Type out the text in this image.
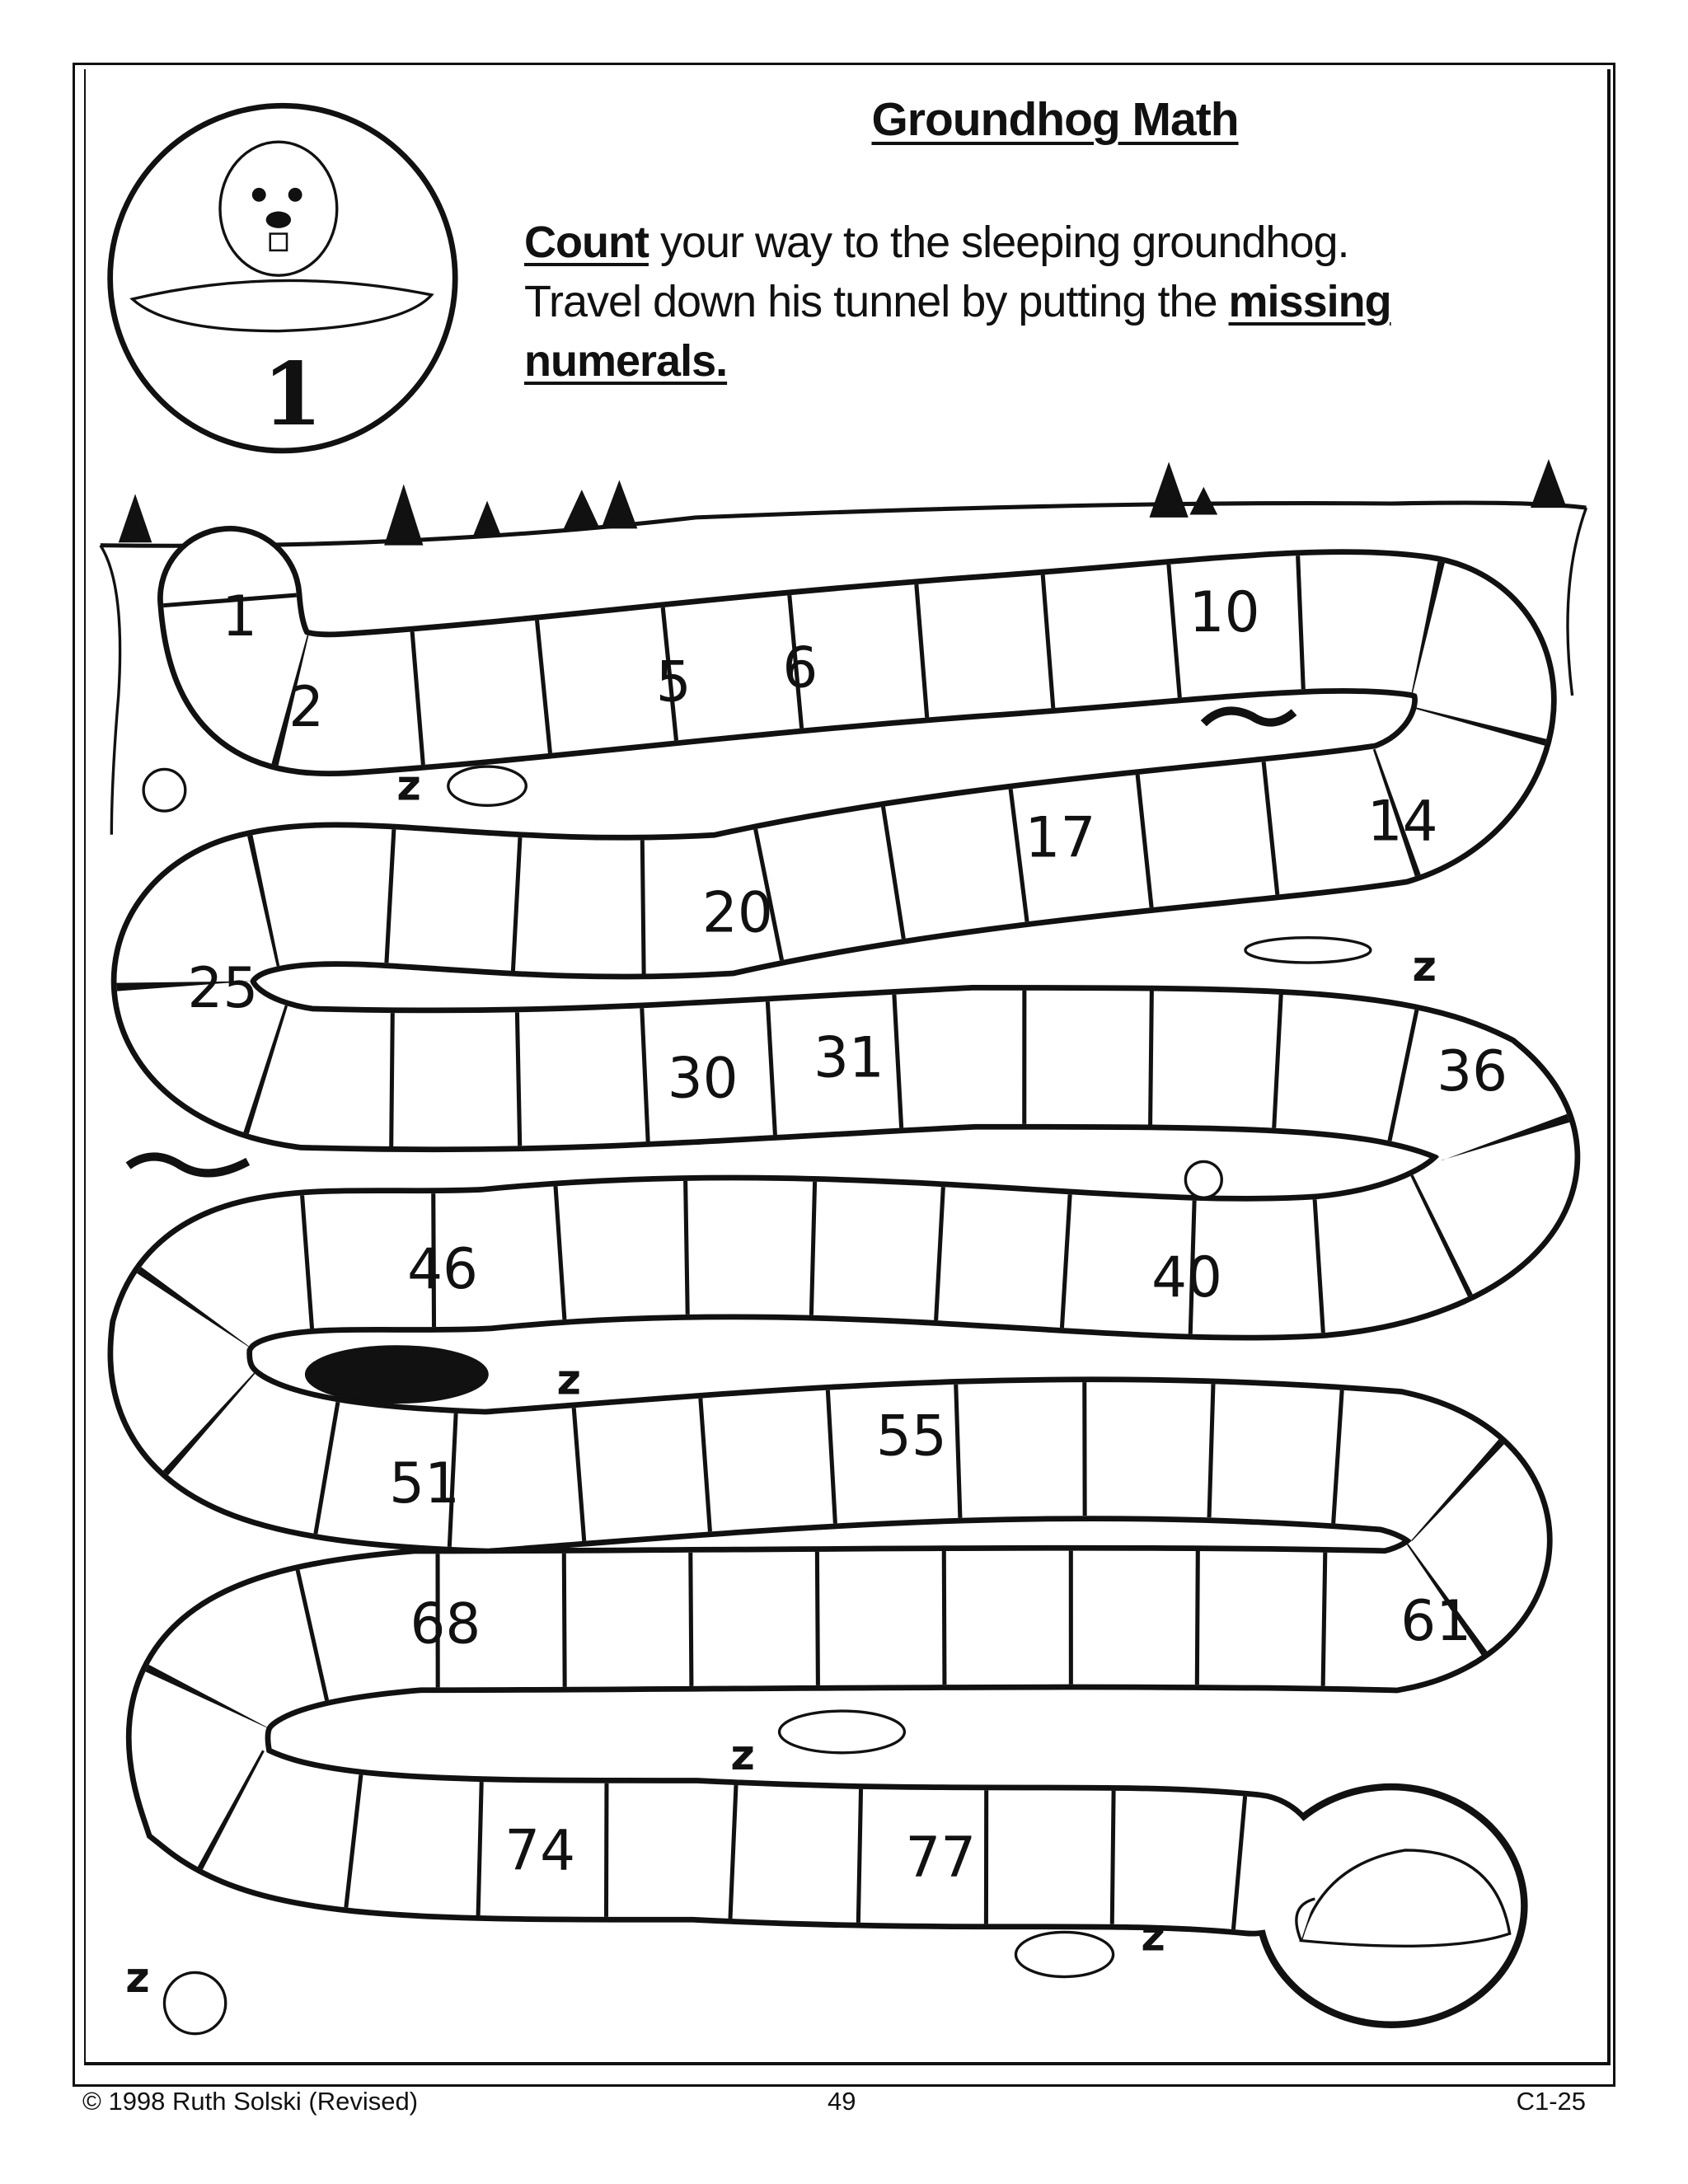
1
z
z
z
z
z
z
1
2	5	6
10
14
17
20
25
30 31	36
40
46
51
55
61
68
74	77
Groundhog Math
Count your way to the sleeping groundhog.
Travel down his tunnel by putting the missing
numerals.
© 1998 Ruth Solski (Revised)	49	C1-25
